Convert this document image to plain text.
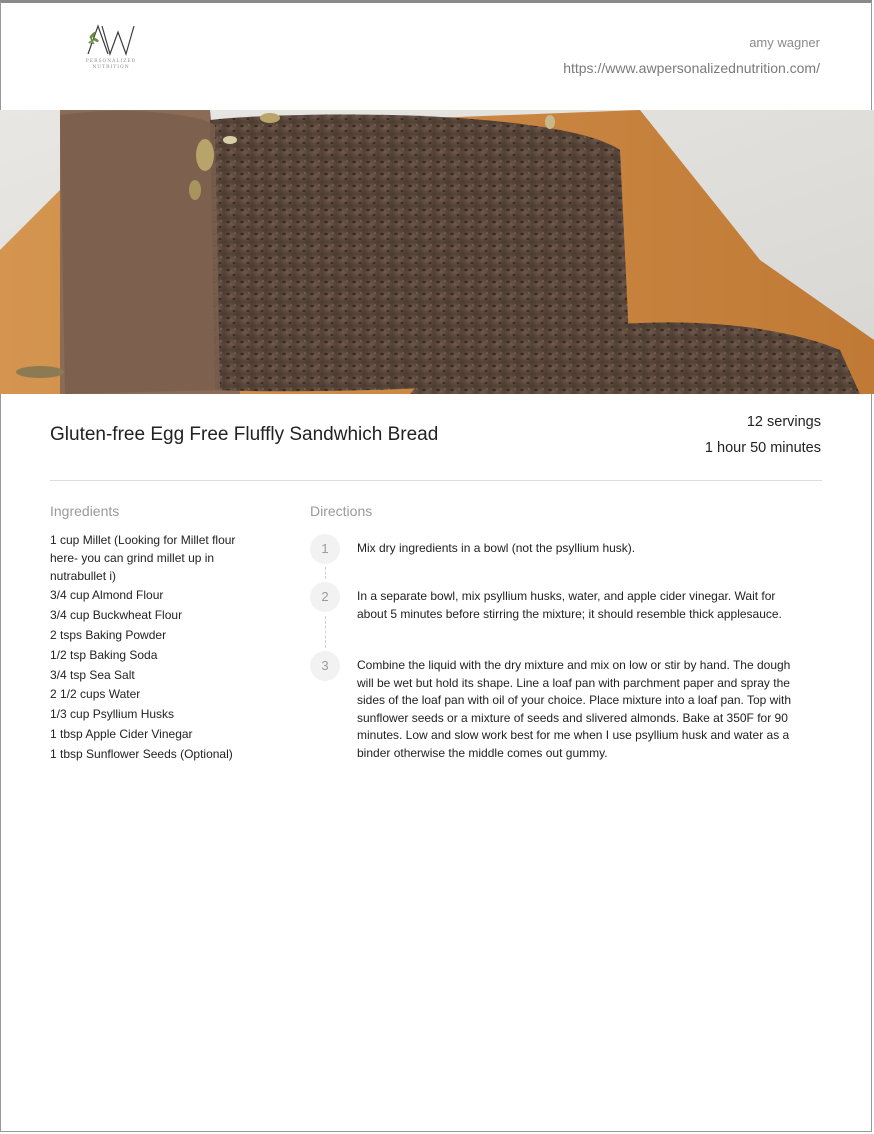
PERSONALIZED
NUTRITION
amy wagner
https://www.awpersonalizednutrition.com/
Gluten-free Egg Free Fluffly Sandwhich Bread
12 servings
1 hour 50 minutes
Ingredients
1 cup Millet (Looking for Millet flour here- you can grind millet up in nutrabullet i)
3/4 cup Almond Flour
3/4 cup Buckwheat Flour
2 tsps Baking Powder
1/2 tsp Baking Soda
3/4 tsp Sea Salt
2 1/2 cups Water
1/3 cup Psyllium Husks
1 tbsp Apple Cider Vinegar
1 tbsp Sunflower Seeds (Optional)
Directions
1	Mix dry ingredients in a bowl (not the psyllium husk).
2	In a separate bowl, mix psyllium husks, water, and apple cider vinegar. Wait for about 5 minutes before stirring the mixture; it should resemble thick applesauce.
3	Combine the liquid with the dry mixture and mix on low or stir by hand. The dough will be wet but hold its shape. Line a loaf pan with parchment paper and spray the sides of the loaf pan with oil of your choice. Place mixture into a loaf pan. Top with sunflower seeds or a mixture of seeds and slivered almonds. Bake at 350F for 90 minutes. Low and slow work best for me when I use psyllium husk and water as a binder otherwise the middle comes out gummy.
